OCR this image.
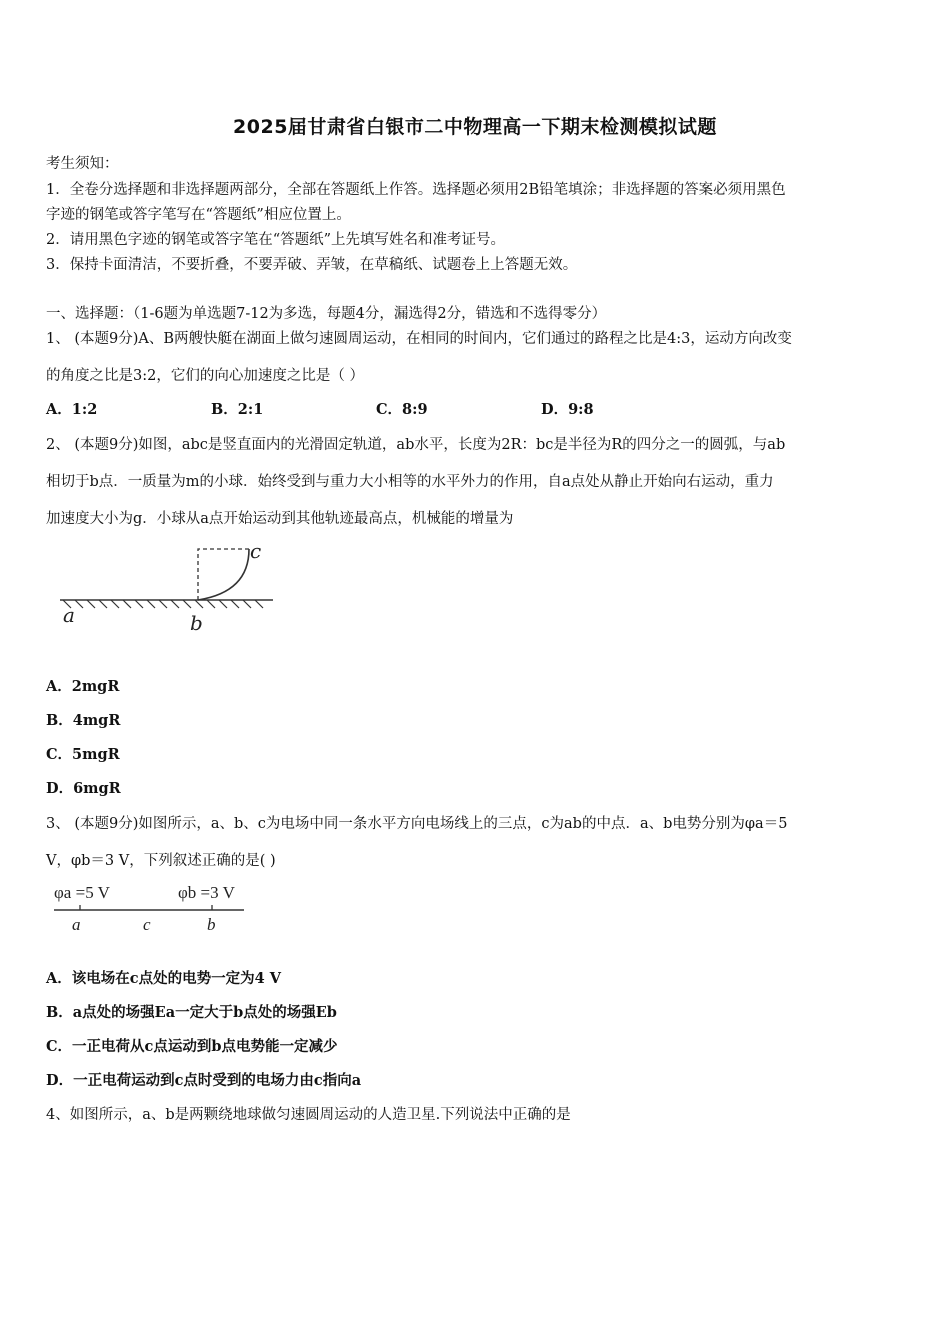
2025届甘肃省白银市二中物理高一下期末检测模拟试题
考生须知：
1．全卷分选择题和非选择题两部分，全部在答题纸上作答。选择题必须用2B铅笔填涂；非选择题的答案必须用黑色
字迹的钢笔或答字笔写在“答题纸”相应位置上。
2．请用黑色字迹的钢笔或答字笔在“答题纸”上先填写姓名和准考证号。
3．保持卡面清洁，不要折叠，不要弄破、弄皱，在草稿纸、试题卷上上答题无效。
一、选择题：（1-6题为单选题7-12为多选，每题4分，漏选得2分，错选和不选得零分）
1、 (本题9分)A、B两艘快艇在湖面上做匀速圆周运动，在相同的时间内，它们通过的路程之比是4:3，运动方向改变
的角度之比是3:2，它们的向心加速度之比是（ ）
A．1:2	B．2:1	C．8:9	D．9:8
2、 (本题9分)如图，abc是竖直面内的光滑固定轨道，ab水平，长度为2R：bc是半径为R的四分之一的圆弧，与ab
相切于b点．一质量为m的小球．始终受到与重力大小相等的水平外力的作用，自a点处从静止开始向右运动，重力
加速度大小为g．小球从a点开始运动到其他轨迹最高点，机械能的增量为
a	b
c
A．2mgR
B．4mgR
C．5mgR
D．6mgR
3、 (本题9分)如图所示，a、b、c为电场中同一条水平方向电场线上的三点，c为ab的中点．a、b电势分别为φa＝5
V，φb＝3 V，下列叙述正确的是( )
φa =5 V	φb =3 V
a	c	b
A．该电场在c点处的电势一定为4 V
B．a点处的场强Ea一定大于b点处的场强Eb
C．一正电荷从c点运动到b点电势能一定减少
D．一正电荷运动到c点时受到的电场力由c指向a
4、如图所示，a、b是两颗绕地球做匀速圆周运动的人造卫星.下列说法中正确的是
